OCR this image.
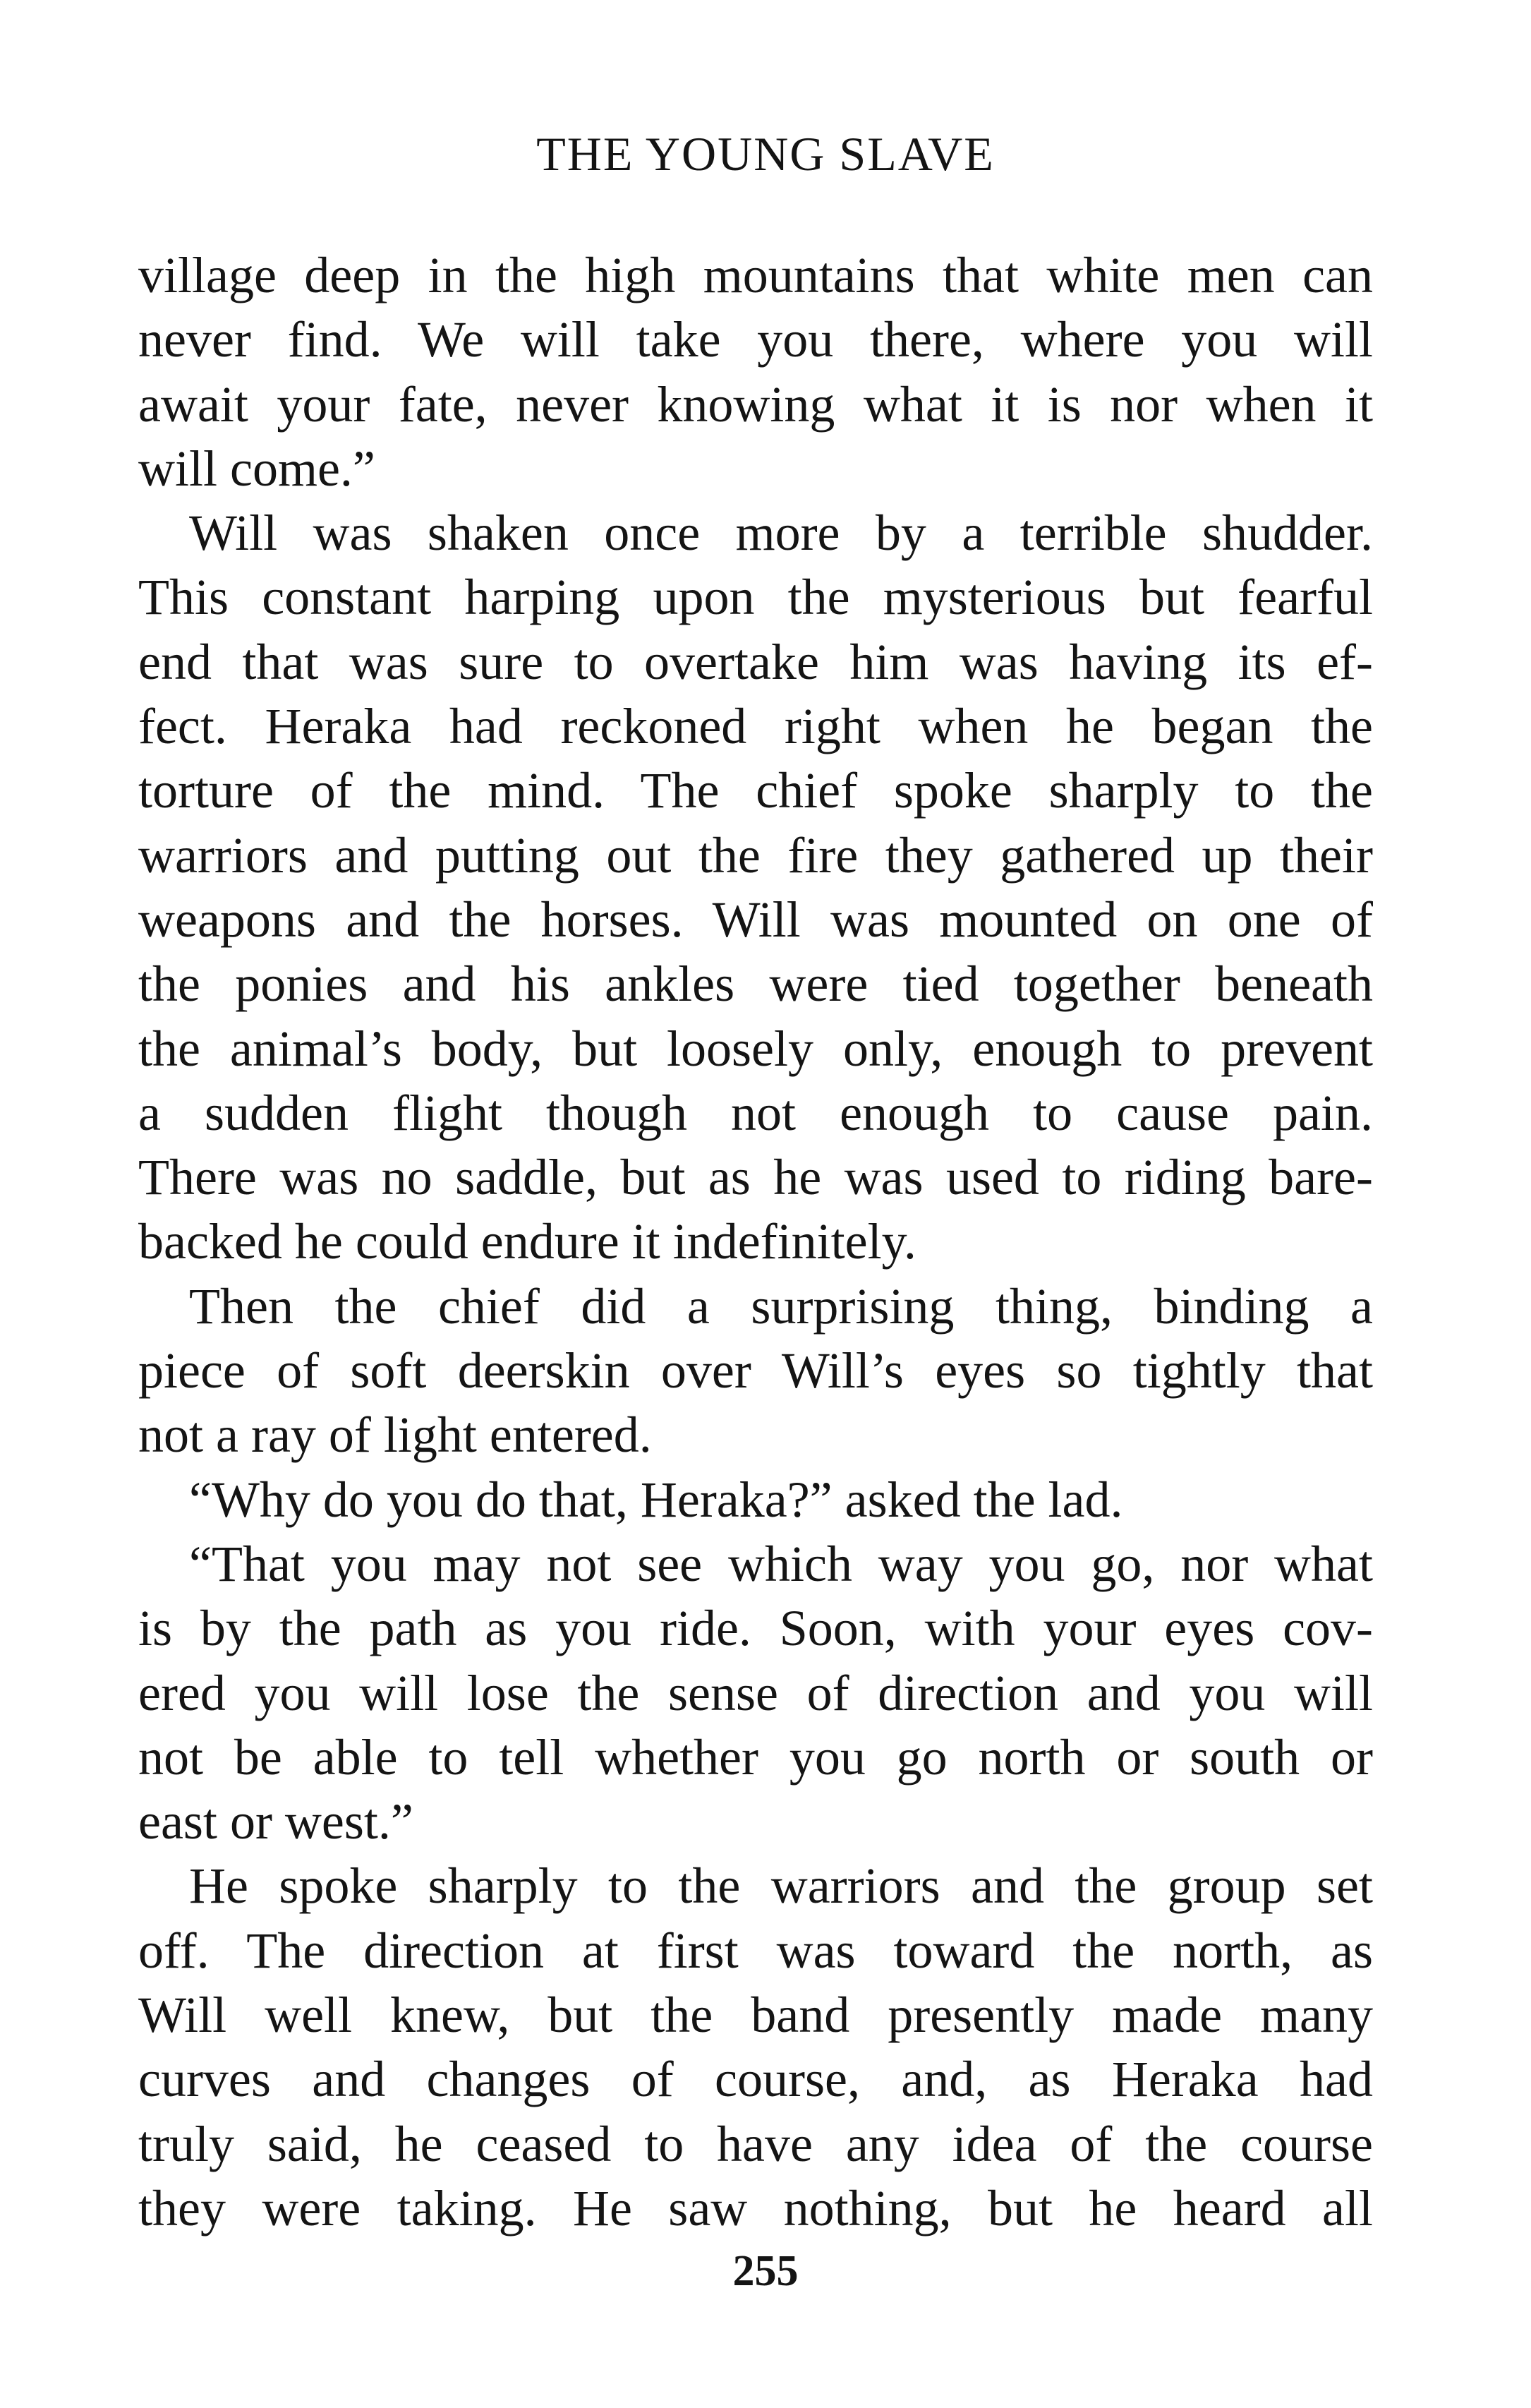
THE YOUNG SLAVE
village deep in the high mountains that white men can
never find. We will take you there, where you will
await your fate, never knowing what it is nor when it
will come.”
Will was shaken once more by a terrible shudder.
This constant harping upon the mysterious but fearful
end that was sure to overtake him was having its ef-
fect. Heraka had reckoned right when he began the
torture of the mind. The chief spoke sharply to the
warriors and putting out the fire they gathered up their
weapons and the horses. Will was mounted on one of
the ponies and his ankles were tied together beneath
the animal’s body, but loosely only, enough to prevent
a sudden flight though not enough to cause pain.
There was no saddle, but as he was used to riding bare-
backed he could endure it indefinitely.
Then the chief did a surprising thing, binding a
piece of soft deerskin over Will’s eyes so tightly that
not a ray of light entered.
“Why do you do that, Heraka?” asked the lad.
“That you may not see which way you go, nor what
is by the path as you ride. Soon, with your eyes cov-
ered you will lose the sense of direction and you will
not be able to tell whether you go north or south or
east or west.”
He spoke sharply to the warriors and the group set
off. The direction at first was toward the north, as
Will well knew, but the band presently made many
curves and changes of course, and, as Heraka had
truly said, he ceased to have any idea of the course
they were taking. He saw nothing, but he heard all
255
